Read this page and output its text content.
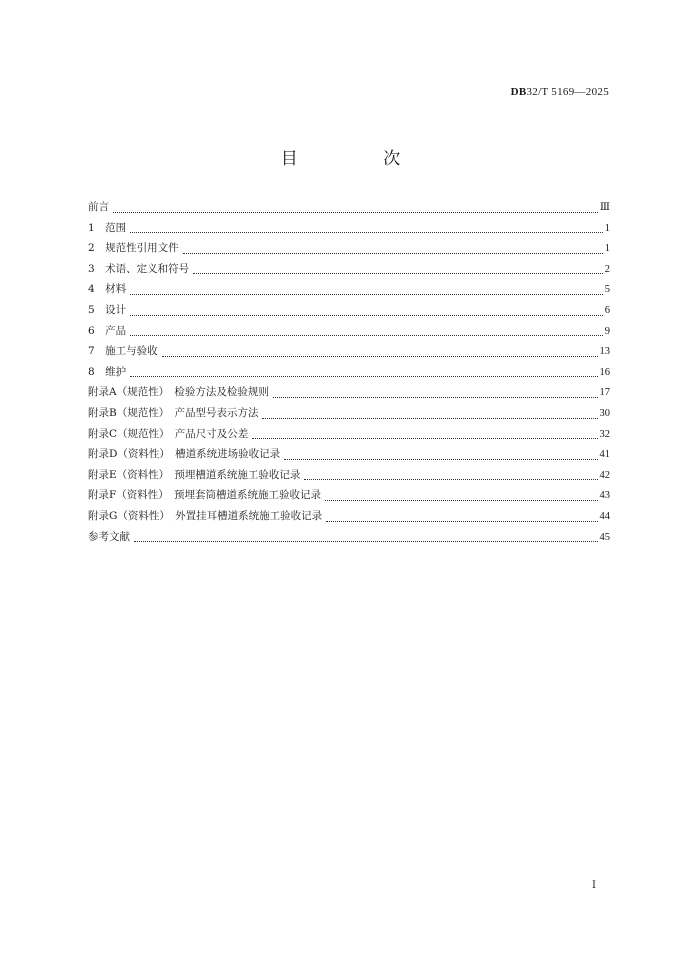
DB32/T 5169—2025
目 次
前言	Ⅲ
1　范围	1
2　规范性引用文件	1
3　术语、定义和符号	2
4　材料	5
5　设计	6
6　产品	9
7　施工与验收	13
8　维护	16
附录A（规范性）　检验方法及检验规则	17
附录B（规范性）　产品型号表示方法	30
附录C（规范性）　产品尺寸及公差	32
附录D（资料性）　槽道系统进场验收记录	41
附录E（资料性）　预埋槽道系统施工验收记录	42
附录F（资料性）　预埋套筒槽道系统施工验收记录	43
附录G（资料性）　外置挂耳槽道系统施工验收记录	44
参考文献	45
Ⅰ
